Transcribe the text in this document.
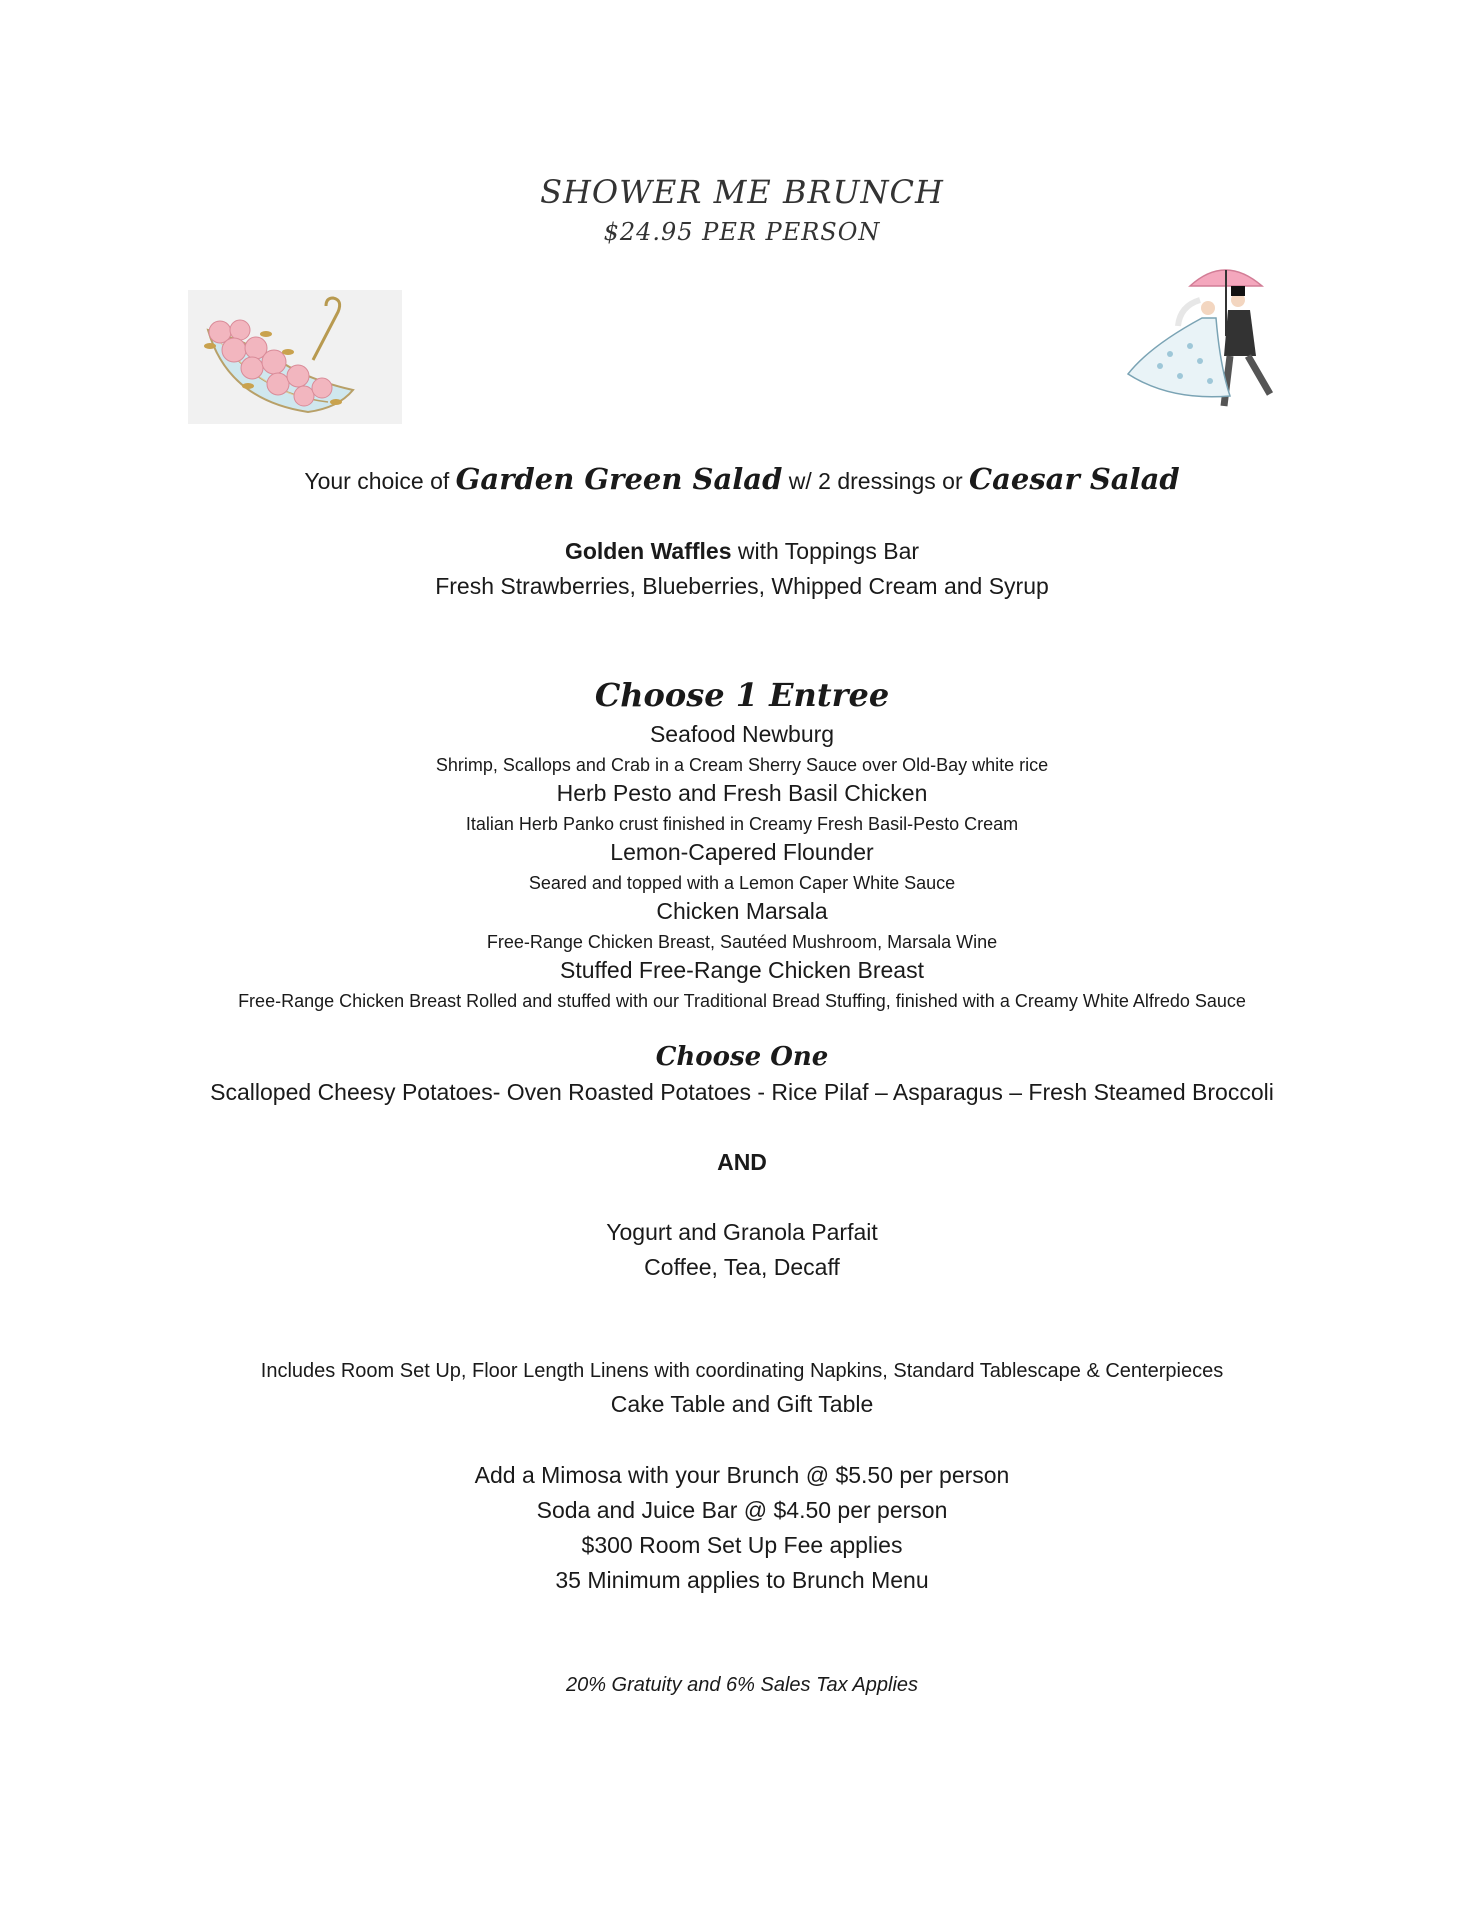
SHOWER ME BRUNCH
$24.95 PER PERSON
Your choice of Garden Green Salad w/ 2 dressings or Caesar Salad
Golden Waffles with Toppings Bar
Fresh Strawberries, Blueberries, Whipped Cream and Syrup
Choose 1 Entree
Seafood Newburg
Shrimp, Scallops and Crab in a Cream Sherry Sauce over Old-Bay white rice
Herb Pesto and Fresh Basil Chicken
Italian Herb Panko crust finished in Creamy Fresh Basil-Pesto Cream
Lemon-Capered Flounder
Seared and topped with a Lemon Caper White Sauce
Chicken Marsala
Free-Range Chicken Breast, Sautéed Mushroom, Marsala Wine
Stuffed Free-Range Chicken Breast
Free-Range Chicken Breast Rolled and stuffed with our Traditional Bread Stuffing, finished with a Creamy White Alfredo Sauce
Choose One
Scalloped Cheesy Potatoes- Oven Roasted Potatoes - Rice Pilaf – Asparagus – Fresh Steamed Broccoli
AND
Yogurt and Granola Parfait
Coffee, Tea, Decaff
Includes Room Set Up, Floor Length Linens with coordinating Napkins, Standard Tablescape & Centerpieces
Cake Table and Gift Table
Add a Mimosa with your Brunch @ $5.50 per person
Soda and Juice Bar @ $4.50 per person
$300 Room Set Up Fee applies
35 Minimum applies to Brunch Menu
20% Gratuity and 6% Sales Tax Applies
